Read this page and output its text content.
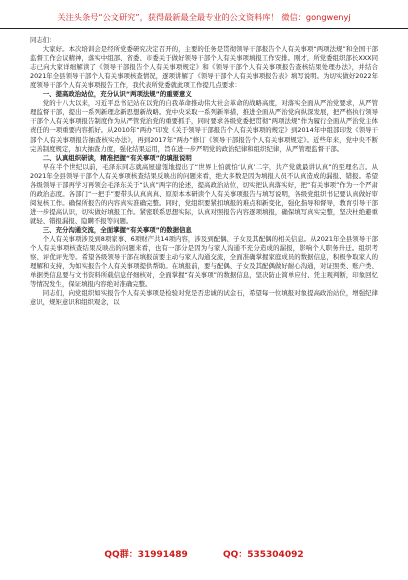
关注头条号“公文研究”，获得最新最全最专业的公文资料库！ 微信：gongwenyj

同志们：

大家好。本次培训会是经所党委研究决定召开的，主要的任务是贯彻领导干部报告个人有关事项“两项法规”和全国干部监督工作会议精神，落实中组部、省委、市委关于做好领导干部个人有关事项填报工作安排。刚才，所党委组织部长XXX同志已向大家详细解读了《领导干部报告个人有关事项规定》和《领导干部个人有关事项报告查核结果处理办法》，并结合2021年全县领导干部个人有关事项核查情况，逐项讲解了《领导干部个人有关事项报告表》填写说明。为切实做好2022年度领导干部个人有关事项报告工作，我代表所党委就此项工作提几点要求：

一、提高政治站位，充分认识“两项法规”的重要意义

党的十八大以来，习近平总书记站在以党的自我革命推动伟大社会革命的战略高度，对落实全面从严治党要求，从严管理监督干部，提出一系列新理念新思想新战略。党中央采取一系列新举措，推进全面从严治党向纵深发展，把严格执行领导干部个人有关事项报告制度作为从严管党治党的重要抓手，同时要求各级党委把贯彻“两项法规”作为履行全面从严治党主体责任的一项重要内容抓好。从2010年“两办”印发《关于领导干部报告个人有关事项的规定》到2014年中组部印发《领导干部个人有关事项报告抽查核实办法》，再到2017年“两办”修订《领导干部报告个人有关事项规定》。近些年来，党中央不断完善制度规定，加大抽查力度，强化结果运用，旨在进一步严明党的政治纪律和组织纪律，从严管理监督干部。

二、认真组织研读，精准把握“有关事项”的填报说明

早在半个世纪以前，毛泽东同志就高屋建瓴地提出了“世界上怕就怕‘认真’二字，共产党就最讲认真”的至理名言。从2021年全县领导干部个人有关事项核查结果反映出的问题来看，绝大多数是因为填报人员不认真造成的漏报、错报。希望各级领导干部再学习再领会毛泽东关于“认真”两字的论述，提高政治站位，切实把认真落实好，把“有关事项”作为一个严肃的政治态度。各部门“一把手”要带头认真真真、原原本本研读个人有关事项报告与填写说明，各级党组织书记要认真做好审阅复核工作。确保所报告的内容真实准确完整。同时，党组织要紧扣填报的难点和新变化，强化指导和督导，教育引导干部进一步提高认识，切实做好填报工作。紧密联系思想实际，认真对照报告内容逐项填报，确保填写真实完整，坚决杜绝避重就轻、错报漏报、隐瞒不报等问题。

三、充分沟通交流，全面掌握“有关事项”的数据信息

个人有关事项涉及到8项家事、6项财产共14项内容，涉及到配偶、子女及其配偶的相关信息。从2021年全县领导干部个人有关事项核查结果反映出的问题来看，也有一部分是因为与家人沟通不充分造成的漏报，影响个人职务升迁。组织考察、评优评先等。希望各级领导干部在填报前要主动与家人沟通交流，全面准确掌握家庭成员的数据信息，积极争取家人的理解和支持，为如实报告个人有关事项提供帮助。在填报前，要与配偶、子女及其配偶做好耐心沟通，对证照类、账户类、单据类信息要与文书资料所载信息仔细核对，全面掌握“有关事项”的数据信息，坚决防止简单应付、凭主观判断，印象回忆等情况发生，保证填报内容绝对准确完整。

同志们，向党组织如实报告个人有关事项是检验对党是否忠诚的试金石，希望每一位填报对象提高政治站位，增强纪律意识，规矩意识和组织观念，以

QQ群：31991489	QQ：535304092
